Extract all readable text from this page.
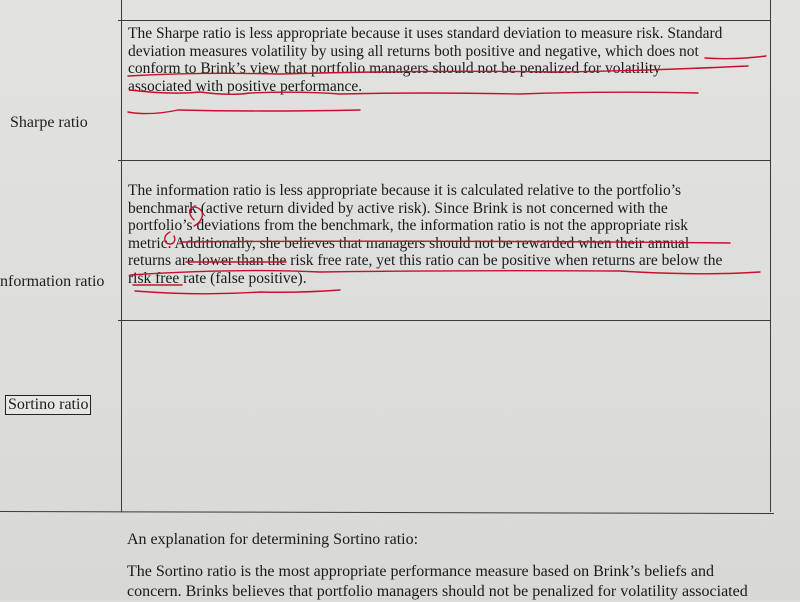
Sharpe ratio
nformation ratio
Sortino ratio

The Sharpe ratio is less appropriate because it uses standard deviation to measure risk. Standard

deviation measures volatility by using all returns both positive and negative, which does not

conform to Brink’s view that portfolio managers should not be penalized for volatility

associated with positive performance.

The information ratio is less appropriate because it is calculated relative to the portfolio’s

benchmark (active return divided by active risk). Since Brink is not concerned with the

portfolio’s deviations from the benchmark, the information ratio is not the appropriate risk

metric. Additionally, she believes that managers should not be rewarded when their annual

returns are lower than the risk free rate, yet this ratio can be positive when returns are below the

risk free rate (false positive).

An explanation for determining Sortino ratio:

The Sortino ratio is the most appropriate performance measure based on Brink’s beliefs and

concern. Brinks believes that portfolio managers should not be penalized for volatility associated
